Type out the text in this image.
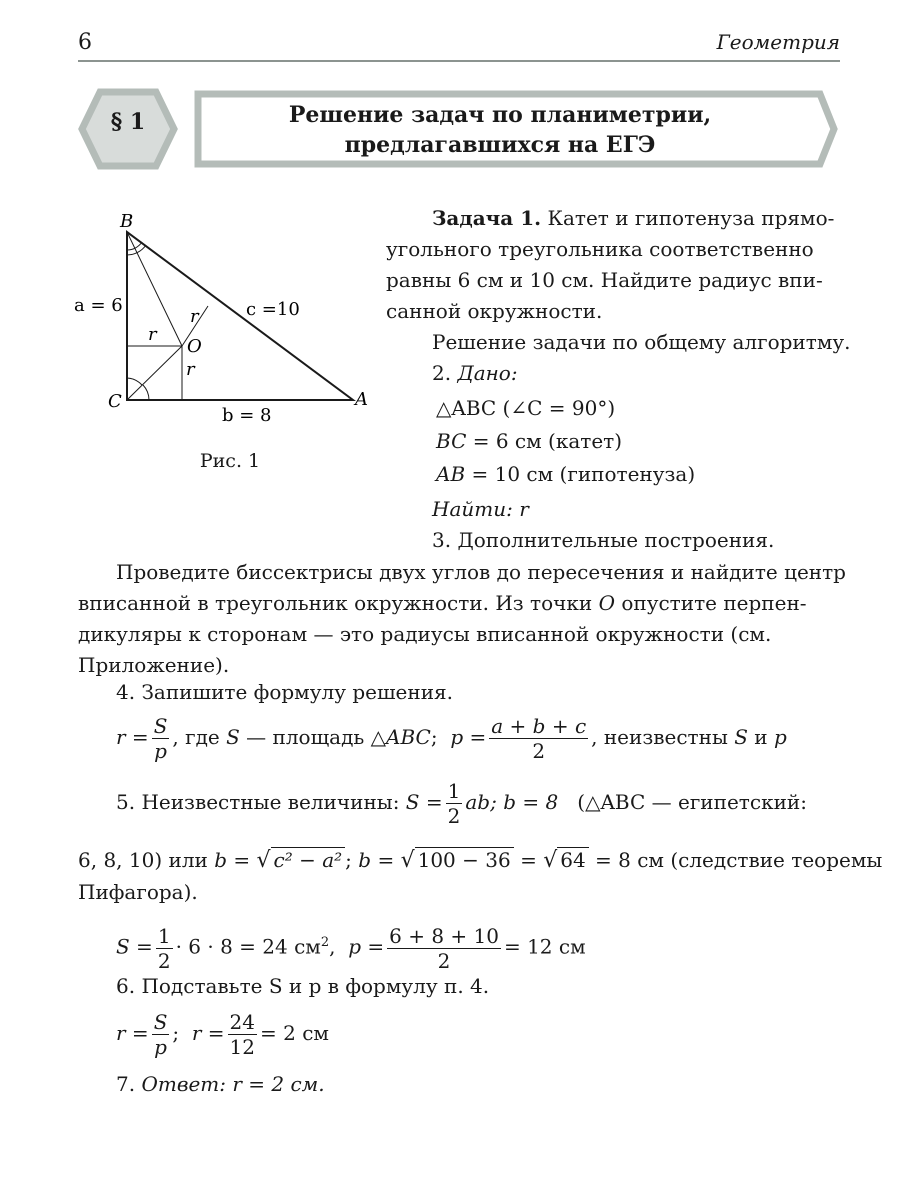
6	Геометрия
§ 1	Решение задач по планиметрии,
предлагавшихся на ЕГЭ
B
C	A
O
r
r
r
a = 6
b = 8
c =10
Рис. 1
Задача 1. Катет и гипотенуза прямо-
угольного треугольника соответственно
равны 6 см и 10 см. Найдите радиус впи-
санной окружности.
Решение задачи по общему алгоритму.
2. Дано:
△ABC (∠C = 90°)
BC = 6 см (катет)
AB = 10 см (гипотенуза)
Найти: r
3. Дополнительные построения.
Проведите биссектрисы двух углов до пересечения и найдите центр
вписанной в треугольник окружности. Из точки O опустите перпен-
дикуляры к сторонам — это радиусы вписанной окружности (см.
Приложение).
4. Запишите формулу решения.
$r = \frac{S}{p}$ , где S — площадь △ABC; $p = \frac{a + b + c}{2}$ , неизвестны S и p
5. Неизвестные величины: $S = \frac{1}{2}$ ab; b = 8 (△ABC — египетский:
6, 8, 10) или b = √ c² − a² ; b = √ 100 − 36 = √ 64 = 8 см (следствие теоремы
Пифагора).
$S = \frac{1}{2} \cdot 6 \cdot 8 = 24$ $см^2$, $p = \frac{6 + 8 + 10}{2} = 12$ см
6. Подставьте S и p в формулу п. 4.
$r = \frac{S}{p}$ ; $r = \frac{24}{12} = 2$ см
7. Ответ: r = 2 см.
